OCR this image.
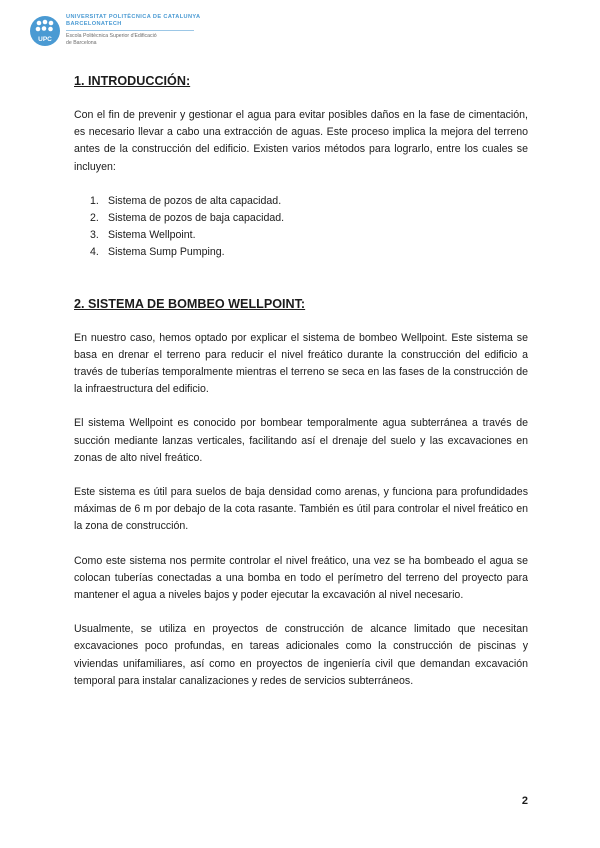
UPC
UNIVERSITAT POLITÈCNICA DE CATALUNYA
BARCELONATECH
Escola Politècnica Superior d'Edificació
de Barcelona
1. INTRODUCCIÓN:

Con el fin de prevenir y gestionar el agua para evitar posibles daños en la fase de cimentación, es necesario llevar a cabo una extracción de aguas. Este proceso implica la mejora del terreno antes de la construcción del edificio. Existen varios métodos para lograrlo, entre los cuales se incluyen:

1. Sistema de pozos de alta capacidad.
2. Sistema de pozos de baja capacidad.
3. Sistema Wellpoint.
4. Sistema Sump Pumping.
2. SISTEMA DE BOMBEO WELLPOINT:

En nuestro caso, hemos optado por explicar el sistema de bombeo Wellpoint. Este sistema se basa en drenar el terreno para reducir el nivel freático durante la construcción del edificio a través de tuberías temporalmente mientras el terreno se seca en las fases de la construcción de la infraestructura del edificio.

El sistema Wellpoint es conocido por bombear temporalmente agua subterránea a través de succión mediante lanzas verticales, facilitando así el drenaje del suelo y las excavaciones en zonas de alto nivel freático.

Este sistema es útil para suelos de baja densidad como arenas, y funciona para profundidades máximas de 6 m por debajo de la cota rasante. También es útil para controlar el nivel freático en la zona de construcción.

Como este sistema nos permite controlar el nivel freático, una vez se ha bombeado el agua se colocan tuberías conectadas a una bomba en todo el perímetro del terreno del proyecto para mantener el agua a niveles bajos y poder ejecutar la excavación al nivel necesario.

Usualmente, se utiliza en proyectos de construcción de alcance limitado que necesitan excavaciones poco profundas, en tareas adicionales como la construcción de piscinas y viviendas unifamiliares, así como en proyectos de ingeniería civil que demandan excavación temporal para instalar canalizaciones y redes de servicios subterráneos.

2
